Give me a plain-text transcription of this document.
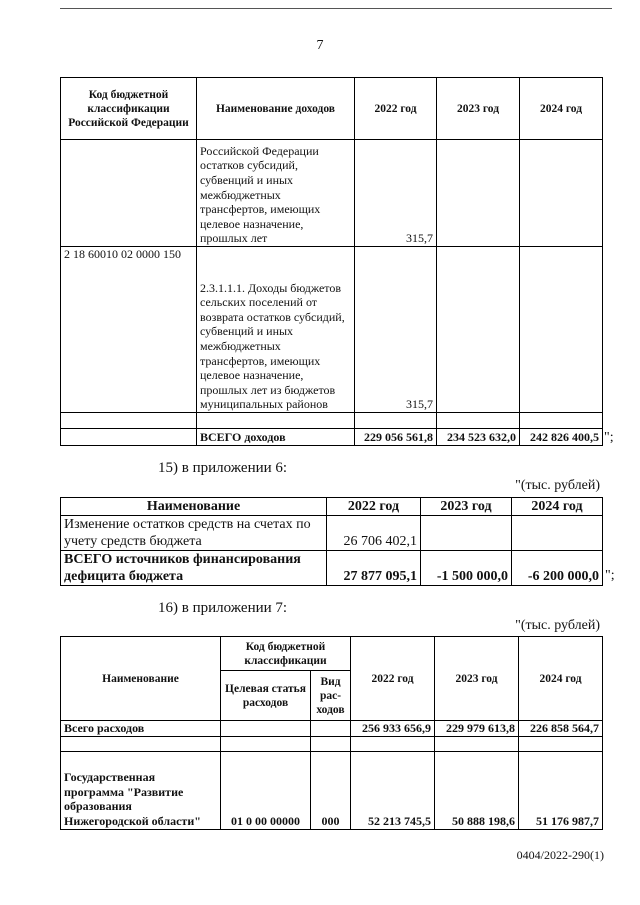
7
Код бюджетной классификации Российской Федерации	Наименование доходов	2022 год	2023 год	2024 год
	Российской Федерации остатков субсидий, субвенций и иных межбюджетных трансфертов, имеющих целевое назначение, прошлых лет	315,7		
2 18 60010 02 0000 150	2.3.1.1.1. Доходы бюджетов сельских поселений от возврата остатков субсидий, субвенций и иных межбюджетных трансфертов, имеющих целевое назначение, прошлых лет из бюджетов муниципальных районов	315,7		

	ВСЕГО доходов	229 056 561,8	234 523 632,0	242 826 400,5 ";
15) в приложении 6:
"(тыс. рублей)
Наименование	2022 год	2023 год	2024 год
Изменение остатков средств на счетах по учету средств бюджета	26 706 402,1		
ВСЕГО источников финансирования дефицита бюджета	27 877 095,1	-1 500 000,0	-6 200 000,0 ";
16) в приложении 7:
"(тыс. рублей)
Наименование	Код бюджетной классификации		2022 год	2023 год	2024 год
	Целевая статья расходов	Вид рас-ходов			
Всего расходов			256 933 656,9	229 979 613,8	226 858 564,7

Государственная программа "Развитие образования Нижегородской области"	01 0 00 00000	000	52 213 745,5	50 888 198,6	51 176 987,7
0404/2022-290(1)
